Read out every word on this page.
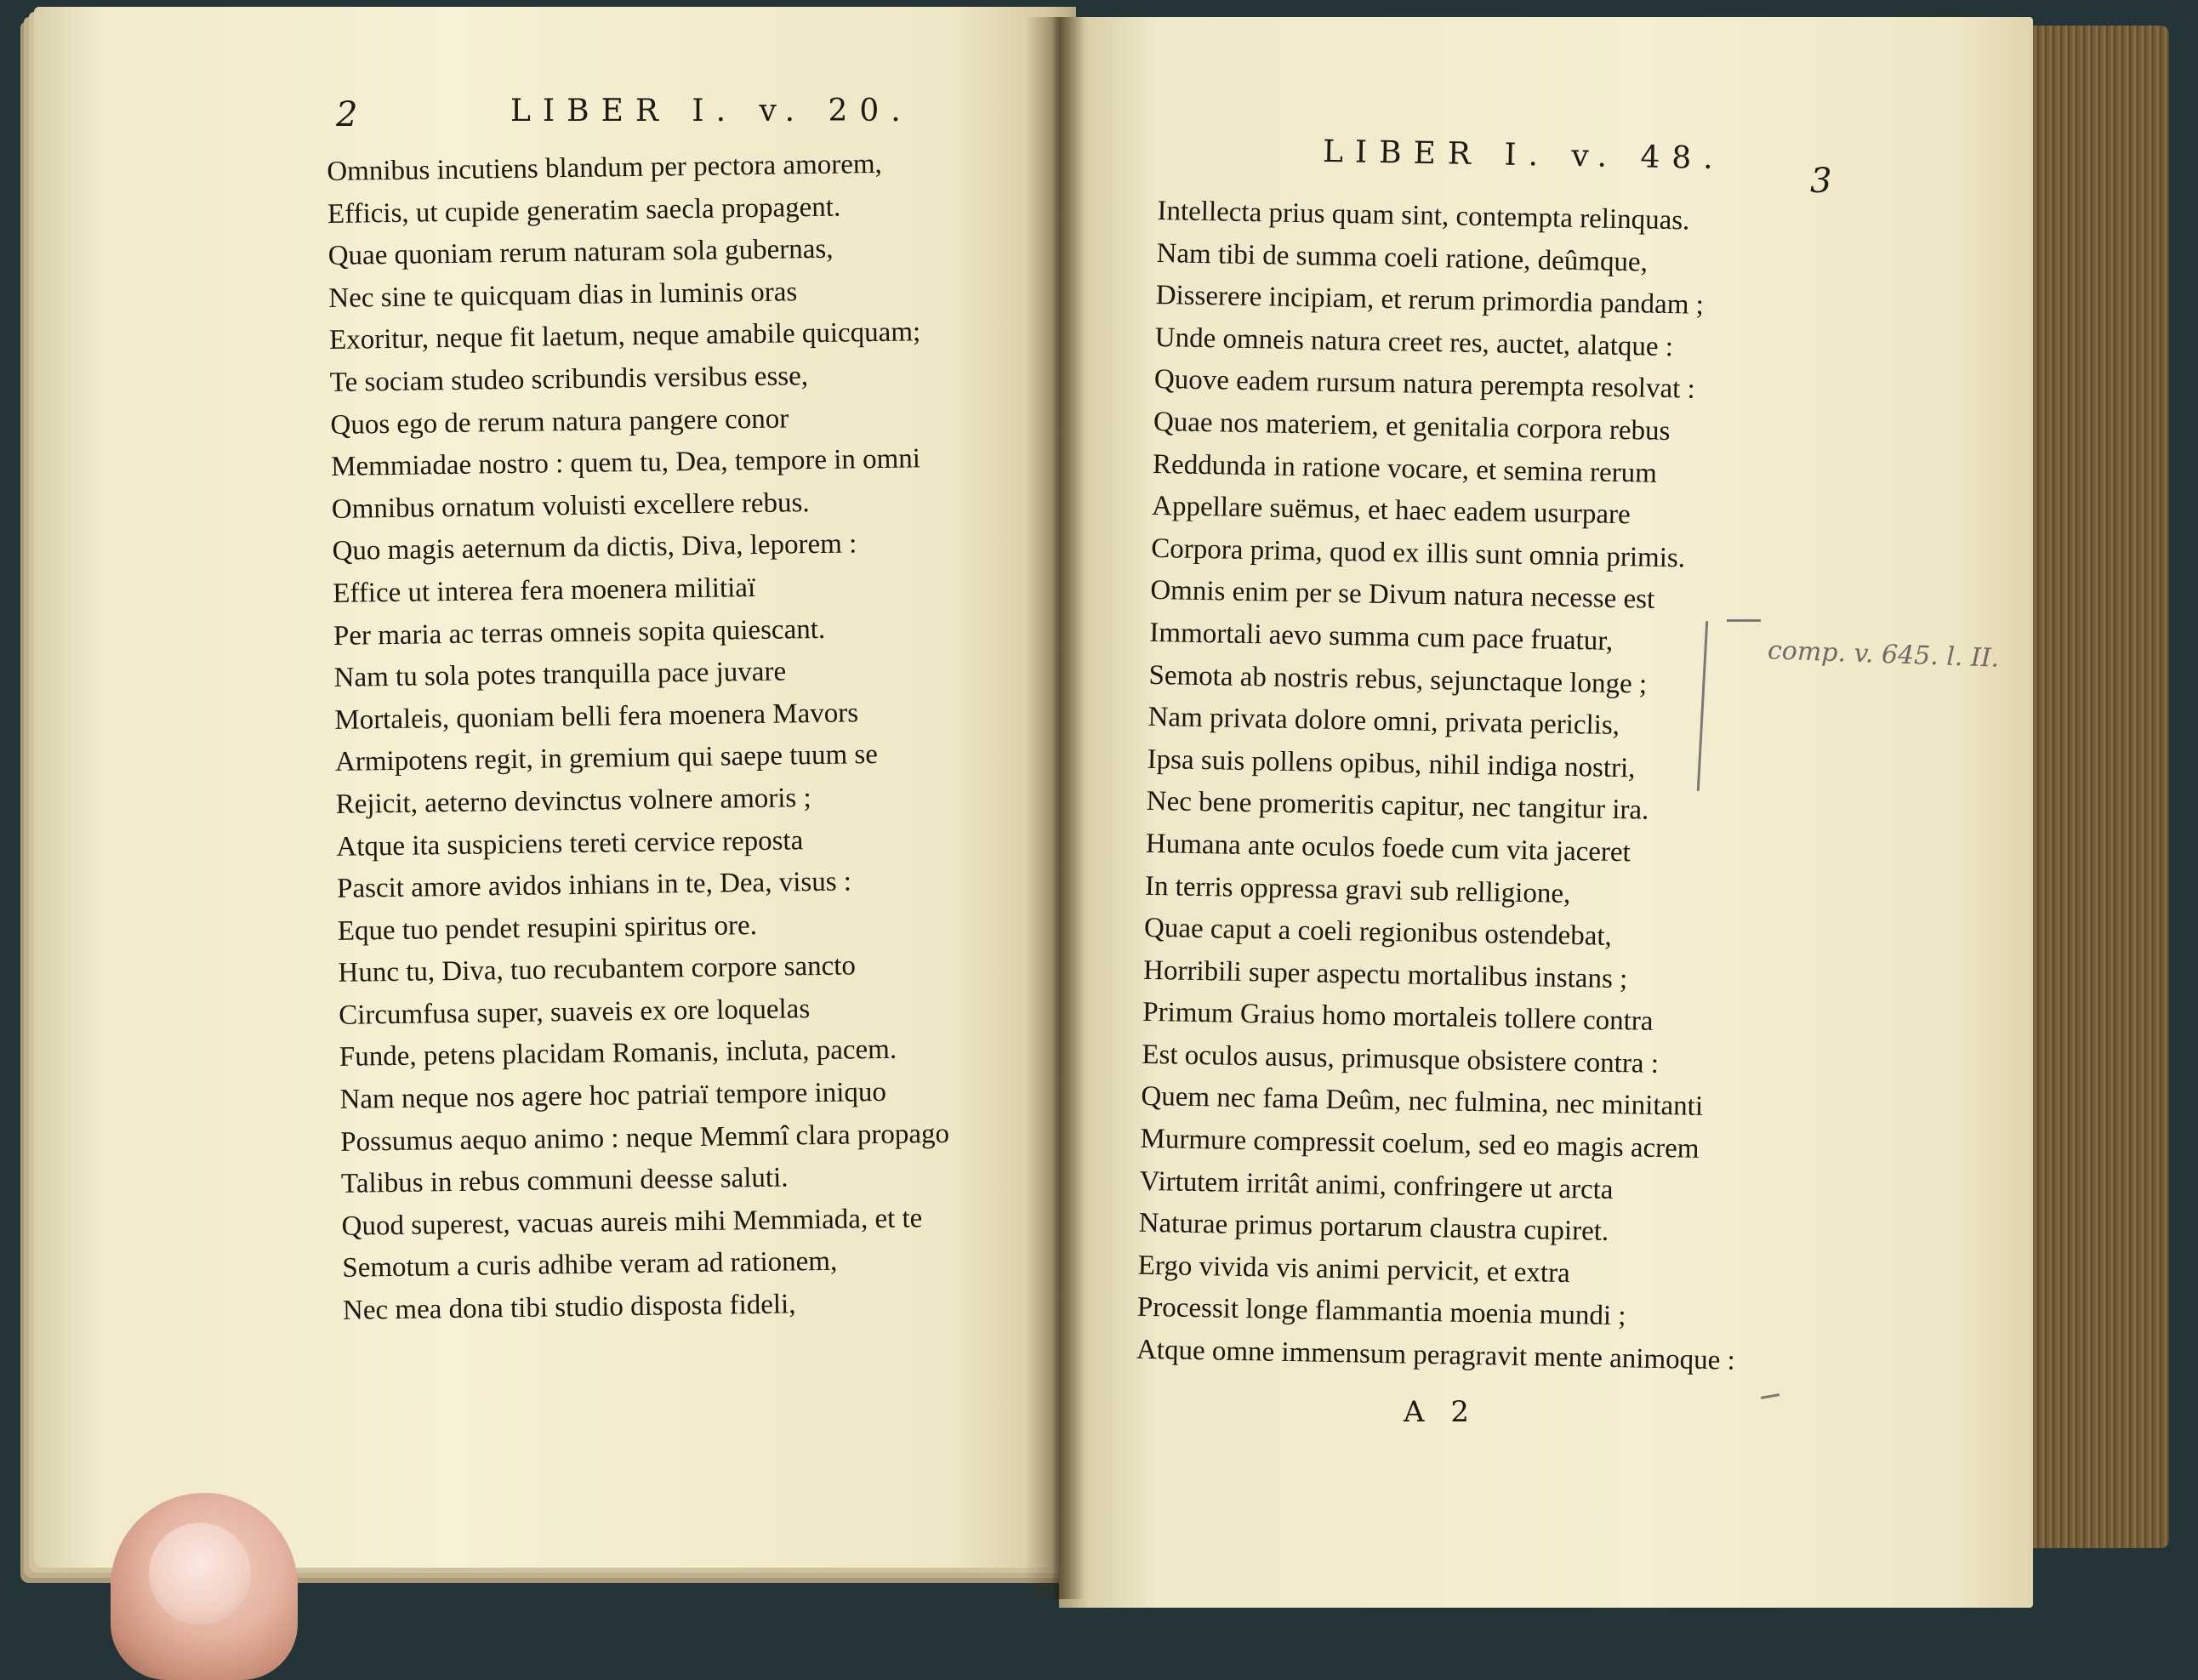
2	LIBER I. v. 20.
Omnibus incutiens blandum per pectora amorem,
Efficis, ut cupide generatim saecla propagent.
Quae quoniam rerum naturam sola gubernas,
Nec sine te quicquam dias in luminis oras
Exoritur, neque fit laetum, neque amabile quicquam;
Te sociam studeo scribundis versibus esse,
Quos ego de rerum natura pangere conor
Memmiadae nostro : quem tu, Dea, tempore in omni
Omnibus ornatum voluisti excellere rebus.
Quo magis aeternum da dictis, Diva, leporem :
Effice ut interea fera moenera militiaï
Per maria ac terras omneis sopita quiescant.
Nam tu sola potes tranquilla pace juvare
Mortaleis, quoniam belli fera moenera Mavors
Armipotens regit, in gremium qui saepe tuum se
Rejicit, aeterno devinctus volnere amoris ;
Atque ita suspiciens tereti cervice reposta
Pascit amore avidos inhians in te, Dea, visus :
Eque tuo pendet resupini spiritus ore.
Hunc tu, Diva, tuo recubantem corpore sancto
Circumfusa super, suaveis ex ore loquelas
Funde, petens placidam Romanis, incluta, pacem.
Nam neque nos agere hoc patriaï tempore iniquo
Possumus aequo animo : neque Memmî clara propago
Talibus in rebus communi deesse saluti.
Quod superest, vacuas aureis mihi Memmiada, et te
Semotum a curis adhibe veram ad rationem,
Nec mea dona tibi studio disposta fideli,
LIBER I. v. 48.
3
Intellecta prius quam sint, contempta relinquas.
Nam tibi de summa coeli ratione, deûmque,
Disserere incipiam, et rerum primordia pandam ;
Unde omneis natura creet res, auctet, alatque :
Quove eadem rursum natura perempta resolvat :
Quae nos materiem, et genitalia corpora rebus
Reddunda in ratione vocare, et semina rerum
Appellare suëmus, et haec eadem usurpare
Corpora prima, quod ex illis sunt omnia primis.
Omnis enim per se Divum natura necesse est
Immortali aevo summa cum pace fruatur,
Semota ab nostris rebus, sejunctaque longe ;
Nam privata dolore omni, privata periclis,
Ipsa suis pollens opibus, nihil indiga nostri,
Nec bene promeritis capitur, nec tangitur ira.
Humana ante oculos foede cum vita jaceret
In terris oppressa gravi sub relligione,
Quae caput a coeli regionibus ostendebat,
Horribili super aspectu mortalibus instans ;
Primum Graius homo mortaleis tollere contra
Est oculos ausus, primusque obsistere contra :
Quem nec fama Deûm, nec fulmina, nec minitanti
Murmure compressit coelum, sed eo magis acrem
Virtutem irritât animi, confringere ut arcta
Naturae primus portarum claustra cupiret.
Ergo vivida vis animi pervicit, et extra
Processit longe flammantia moenia mundi ;
Atque omne immensum peragravit mente animoque :
A 2
comp. v. 645. l. II.
